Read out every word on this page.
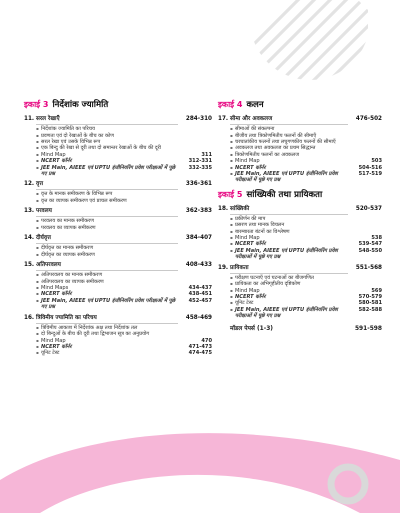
इकाई 3 निर्देशांक ज्यामिति
11. सरल रेखाएँ	284-310
▪ निर्देशांक ज्यामिति का परिचय
▪ प्रवणता एवं दो रेखाओं के बीच का कोण
▪ सरल रेखा एवं उसके विभिन्न रूप
▪ एक बिन्दु की रेखा से दूरी तथा दो समान्तर रेखाओं के बीच की दूरी
▪ Mind Map	311
▪ NCERT कॉर्नर	312-331
▪ JEE Main, AIEEE एवं UPTU इंजीनियरिंग प्रवेश परीक्षाओं में पूछे गए प्रश्न
332-335
12. वृत्त	336-361
▪ वृत्त के मानक समीकरण के विभिन्न रूप
▪ वृत्त का व्यापक समीकरण एवं प्राचल समीकरण
13. परवलय	362-383
▪ परवलय का मानक समीकरण
▪ परवलय का व्यापक समीकरण
14. दीर्घवृत्त	384-407
▪ दीर्घवृत्त का मानक समीकरण
▪ दीर्घवृत्त का व्यापक समीकरण
15. अतिपरवलय	408-433
▪ अतिपरवलय का मानक समीकरण
▪ अतिपरवलय का व्यापक समीकरण
▪ Mind Maps	434-437
▪ NCERT कॉर्नर	438-451
▪ JEE Main, AIEEE एवं UPTU इंजीनियरिंग प्रवेश परीक्षाओं में पूछे गए प्रश्न
452-457
16. त्रिविमीय ज्यामिति का परिचय	458-469
▪ त्रिविमीय आकाश में निर्देशांक अक्ष तथा निर्देशांक तल
▪ दो बिन्दुओं के बीच की दूरी तथा द्विभाजन सूत्र का अनुप्रयोग
▪ Mind Map	470
▪ NCERT कॉर्नर	471-473
▪ यूनिट टेस्ट	474-475
इकाई 4 कलन
17. सीमा और अवकलज	476-502
▪ सीमाओं की संकल्पना
▪ बीजीय तथा त्रिकोणमितीय फलनों की सीमाएँ
▪ चरघातांकीय फलनों तथा लघुगणकीय फलनों की सीमाएँ
▪ अवकलज तथा अवकलज का प्रथम सिद्धान्त
▪ त्रिकोणमितीय फलनों का अवकलज
▪ Mind Map	503
▪ NCERT कॉर्नर	504-516
▪ JEE Main, AIEEE एवं UPTU इंजीनियरिंग प्रवेश परीक्षाओं में पूछे गए प्रश्न
517-519
इकाई 5 सांख्यिकी तथा प्रायिकता
18. सांख्यिकी	520-537
▪ प्रकीर्णन की माप
▪ प्रसरण तथा मानक विचलन
▪ बारम्बारता बंटनों का विश्लेषण
▪ Mind Map	538
▪ NCERT कॉर्नर	539-547
▪ JEE Main, AIEEE एवं UPTU इंजीनियरिंग प्रवेश परीक्षाओं में पूछे गए प्रश्न
548-550
19. प्रायिकता	551-568
▪ परीक्षण घटनाएँ एवं घटनाओं का बीजगणित
▪ प्रायिकता का अभिगृहीतीय दृष्टिकोण
▪ Mind Map	569
▪ NCERT कॉर्नर	570-579
▪ यूनिट टेस्ट	580-581
▪ JEE Main, AIEEE एवं UPTU इंजीनियरिंग प्रवेश परीक्षाओं में पूछे गए प्रश्न
582-588
मॉडल पेपर्स (1-3)	591-598
